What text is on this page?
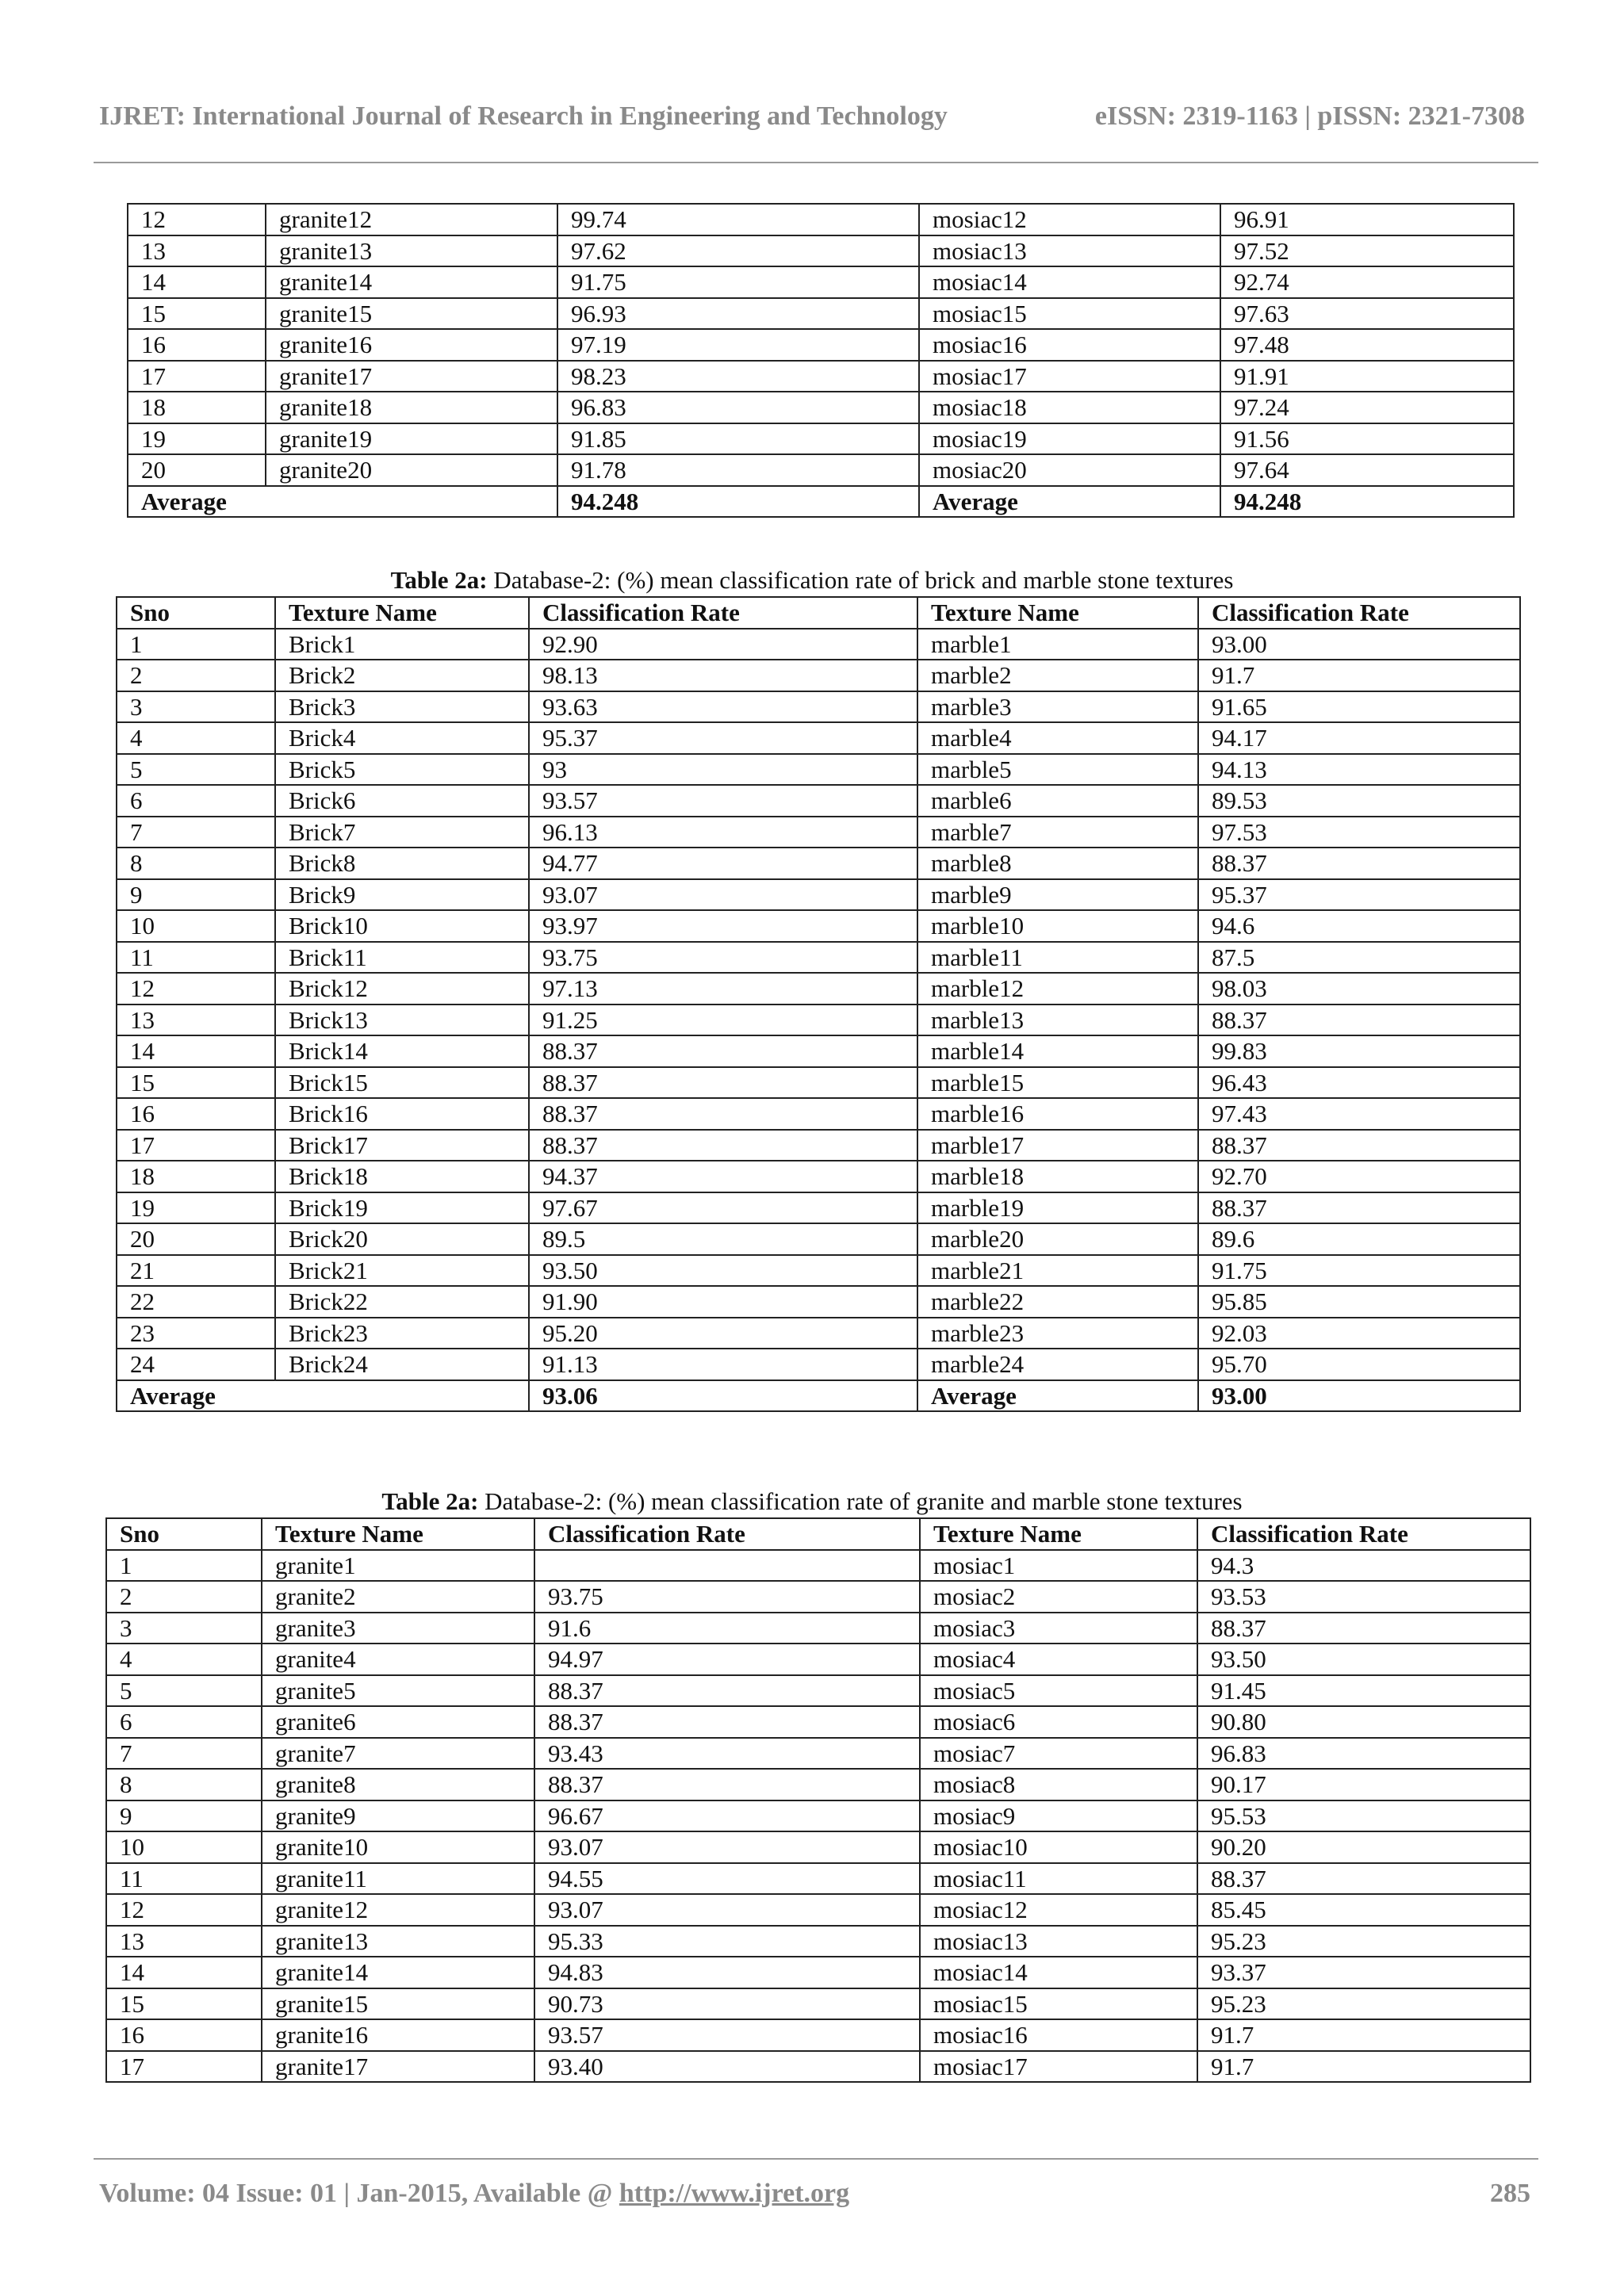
IJRET: International Journal of Research in Engineering and Technology	eISSN: 2319-1163 | pISSN: 2321-7308
12	granite12	99.74	mosiac12	96.91
13	granite13	97.62	mosiac13	97.52
14	granite14	91.75	mosiac14	92.74
15	granite15	96.93	mosiac15	97.63
16	granite16	97.19	mosiac16	97.48
17	granite17	98.23	mosiac17	91.91
18	granite18	96.83	mosiac18	97.24
19	granite19	91.85	mosiac19	91.56
20	granite20	91.78	mosiac20	97.64
Average		94.248	Average	94.248
Table 2a: Database-2: (%) mean classification rate of brick and marble stone textures
Sno	Texture Name	Classification Rate	Texture Name	Classification Rate
1	Brick1	92.90	marble1	93.00
2	Brick2	98.13	marble2	91.7
3	Brick3	93.63	marble3	91.65
4	Brick4	95.37	marble4	94.17
5	Brick5	93	marble5	94.13
6	Brick6	93.57	marble6	89.53
7	Brick7	96.13	marble7	97.53
8	Brick8	94.77	marble8	88.37
9	Brick9	93.07	marble9	95.37
10	Brick10	93.97	marble10	94.6
11	Brick11	93.75	marble11	87.5
12	Brick12	97.13	marble12	98.03
13	Brick13	91.25	marble13	88.37
14	Brick14	88.37	marble14	99.83
15	Brick15	88.37	marble15	96.43
16	Brick16	88.37	marble16	97.43
17	Brick17	88.37	marble17	88.37
18	Brick18	94.37	marble18	92.70
19	Brick19	97.67	marble19	88.37
20	Brick20	89.5	marble20	89.6
21	Brick21	93.50	marble21	91.75
22	Brick22	91.90	marble22	95.85
23	Brick23	95.20	marble23	92.03
24	Brick24	91.13	marble24	95.70
Average		93.06	Average	93.00
Table 2a: Database-2: (%) mean classification rate of granite and marble stone textures
Sno	Texture Name	Classification Rate	Texture Name	Classification Rate
1	granite1		mosiac1	94.3
2	granite2	93.75	mosiac2	93.53
3	granite3	91.6	mosiac3	88.37
4	granite4	94.97	mosiac4	93.50
5	granite5	88.37	mosiac5	91.45
6	granite6	88.37	mosiac6	90.80
7	granite7	93.43	mosiac7	96.83
8	granite8	88.37	mosiac8	90.17
9	granite9	96.67	mosiac9	95.53
10	granite10	93.07	mosiac10	90.20
11	granite11	94.55	mosiac11	88.37
12	granite12	93.07	mosiac12	85.45
13	granite13	95.33	mosiac13	95.23
14	granite14	94.83	mosiac14	93.37
15	granite15	90.73	mosiac15	95.23
16	granite16	93.57	mosiac16	91.7
17	granite17	93.40	mosiac17	91.7
Volume: 04 Issue: 01 | Jan-2015, Available @ http://www.ijret.org	285
